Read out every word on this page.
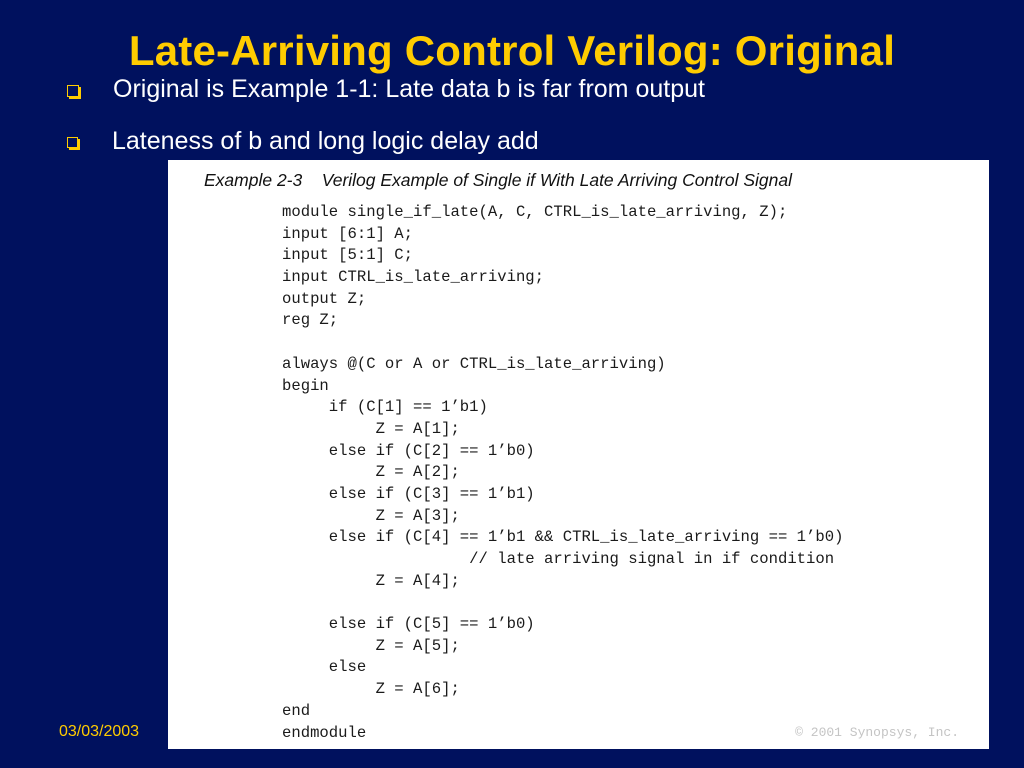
Late-Arriving Control Verilog: Original
Original is Example 1-1: Late data b is far from output
Lateness of b and long logic delay add
Example 2-3    Verilog Example of Single if With Late Arriving Control Signal
module single_if_late(A, C, CTRL_is_late_arriving, Z);
input [6:1] A;
input [5:1] C;
input CTRL_is_late_arriving;
output Z;
reg Z;
always @(C or A or CTRL_is_late_arriving)
begin
if (C[1] == 1’b1)
Z = A[1];
else if (C[2] == 1’b0)
Z = A[2];
else if (C[3] == 1’b1)
Z = A[3];
else if (C[4] == 1’b1 && CTRL_is_late_arriving == 1’b0)
// late arriving signal in if condition
Z = A[4];
else if (C[5] == 1’b0)
Z = A[5];
else
Z = A[6];
end
endmodule	© 2001 Synopsys, Inc.
03/03/2003
